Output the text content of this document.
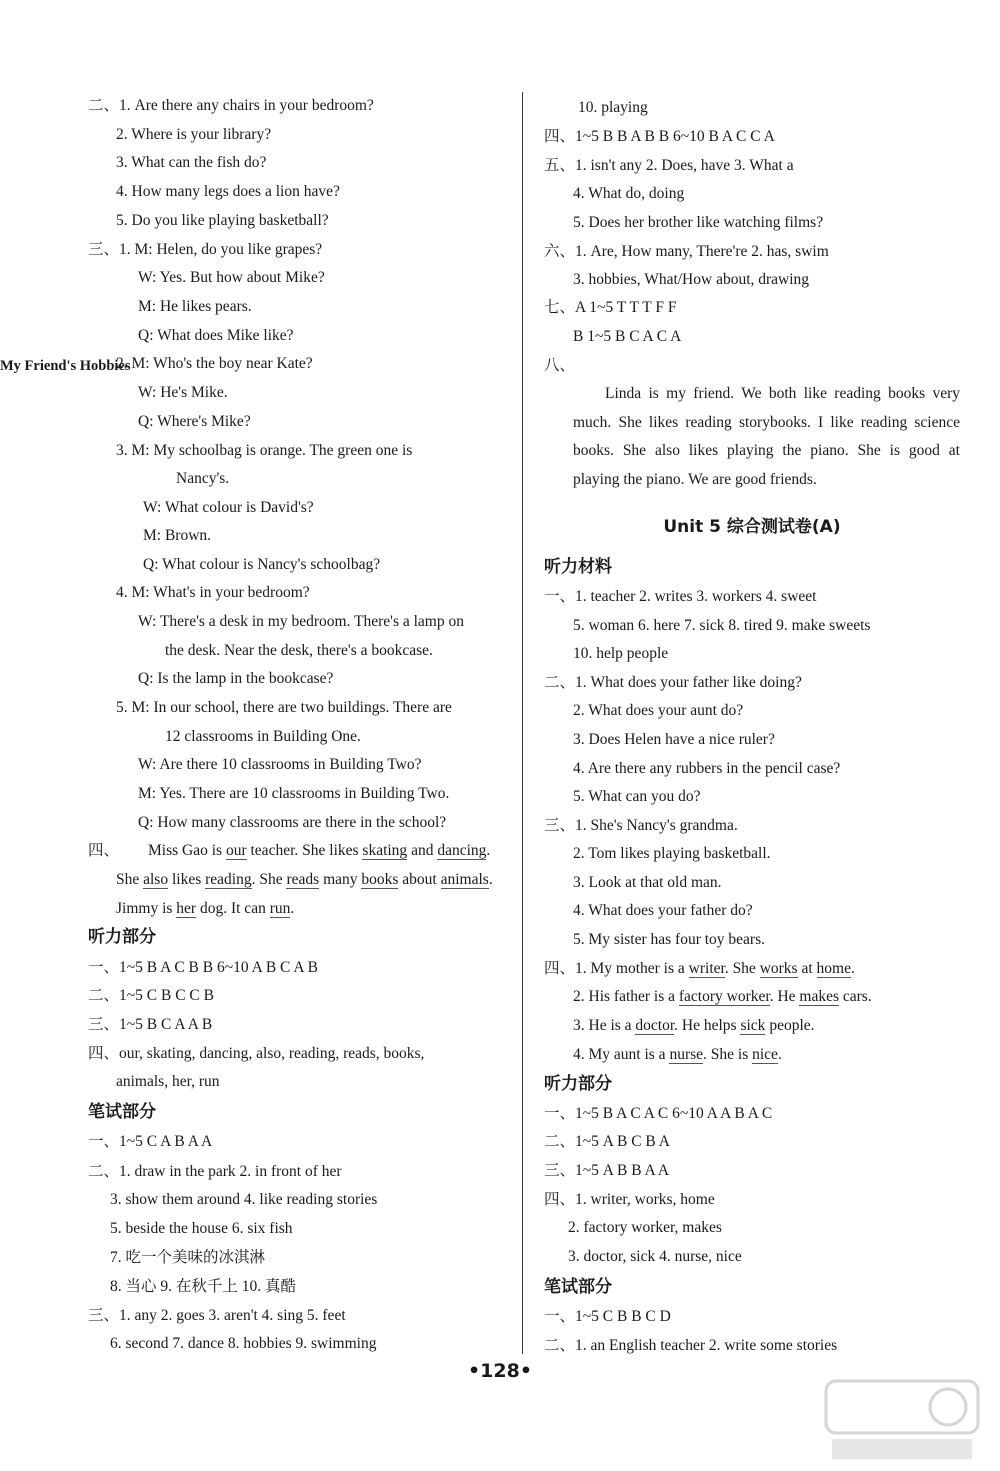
二、1. Are there any chairs in your bedroom?
2. Where is your library?
3. What can the fish do?
4. How many legs does a lion have?
5. Do you like playing basketball?
三、1. M: Helen, do you like grapes?
W: Yes. But how about Mike?
M: He likes pears.
Q: What does Mike like?
2. M: Who's the boy near Kate?
W: He's Mike.
Q: Where's Mike?
3. M: My schoolbag is orange. The green one is
Nancy's.
W: What colour is David's?
M: Brown.
Q: What colour is Nancy's schoolbag?
4. M: What's in your bedroom?
W: There's a desk in my bedroom. There's a lamp on
the desk. Near the desk, there's a bookcase.
Q: Is the lamp in the bookcase?
5. M: In our school, there are two buildings. There are
12 classrooms in Building One.
W: Are there 10 classrooms in Building Two?
M: Yes. There are 10 classrooms in Building Two.
Q: How many classrooms are there in the school?
听力部分
一、1~5 B A C B B 6~10 A B C A B
二、1~5 C B C C B
三、1~5 B C A A B
四、our, skating, dancing, also, reading, reads, books,
animals, her, run
笔试部分
一、1~5 C A B A A
二、1. draw in the park 2. in front of her
3. show them around 4. like reading stories
5. beside the house 6. six fish
7. 吃一个美味的冰淇淋
8. 当心 9. 在秋千上 10. 真酷
三、1. any 2. goes 3. aren't 4. sing 5. feet
6. second 7. dance 8. hobbies 9. swimming
四、 Miss Gao is our teacher. She likes skating and dancing.
She also likes reading. She reads many books about animals.
Jimmy is her dog. It can run.
10. playing
四、1~5 B B A B B 6~10 B A C C A
五、1. isn't any 2. Does, have 3. What a
4. What do, doing
5. Does her brother like watching films?
六、1. Are, How many, There're 2. has, swim
3. hobbies, What/How about, drawing
七、A 1~5 T T T F F
B 1~5 B C A C A
八、
听力材料
一、1. teacher 2. writes 3. workers 4. sweet
5. woman 6. here 7. sick 8. tired 9. make sweets
10. help people
二、1. What does your father like doing?
2. What does your aunt do?
3. Does Helen have a nice ruler?
4. Are there any rubbers in the pencil case?
5. What can you do?
三、1. She's Nancy's grandma.
2. Tom likes playing basketball.
3. Look at that old man.
4. What does your father do?
5. My sister has four toy bears.
听力部分
一、1~5 B A C A C 6~10 A A B A C
二、1~5 A B C B A
三、1~5 A B B A A
四、1. writer, works, home
2. factory worker, makes
3. doctor, sick 4. nurse, nice
笔试部分
一、1~5 C B B C D
二、1. an English teacher 2. write some stories
四、1. My mother is a writer. She works at home.
2. His father is a factory worker. He makes cars.
3. He is a doctor. He helps sick people.
4. My aunt is a nurse. She is nice.
My Friend's Hobbies
Linda is my friend. We both like reading books very much. She likes reading storybooks. I like reading science books. She also likes playing the piano. She is good at playing the piano. We are good friends.
Unit 5 综合测试卷(A)
•128•
